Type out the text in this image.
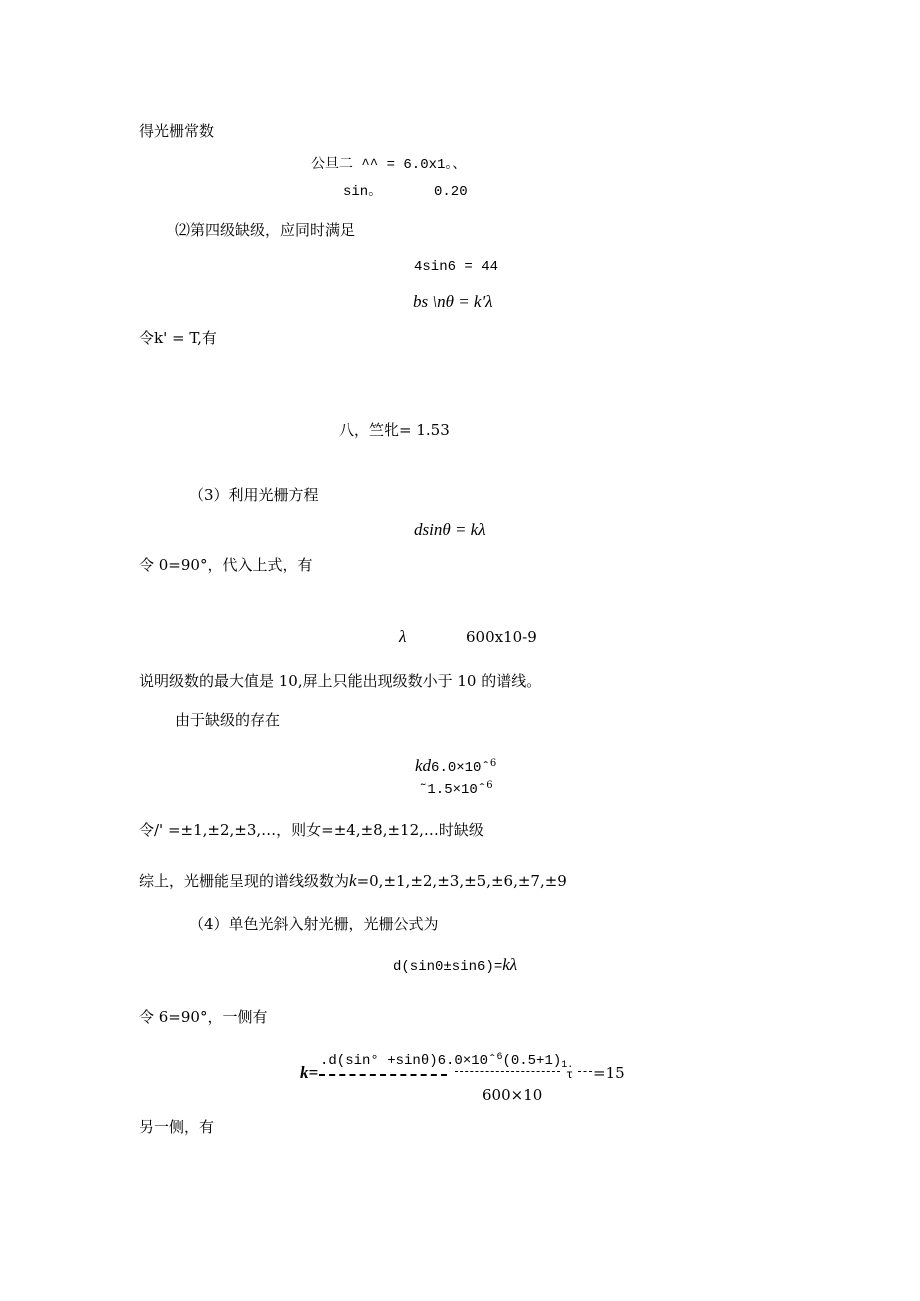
得光栅常数
公旦二 ^^ = 6.0x1。、
sin。	0.20
⑵第四级缺级，应同时满足
4sin6 = 44
bs \nθ = k'λ
令k' = T,有
八，竺牝= 1.53
（3）利用光栅方程
dsinθ = kλ
令 0=90°，代入上式，有
λ	600x10-9
说明级数的最大值是 10,屏上只能出现级数小于 10 的谱线。
由于缺级的存在
kd6.0×10ˆ$^6$
˜1.5×10ˆ$^6$
令/' =±1,±2,±3,…，则女=±4,±8,±12,…时缺级
综上，光栅能呈现的谱线级数为k=0,±1,±2,±3,±5,±6,±7,±9
（4）单色光斜入射光栅，光栅公式为
d(sin0±sin6)=kλ
令 6=90°，一侧有
$.d(\sin^\circ +\sin\theta)6.0\times 10ˆ^6(0.5+1)_{1.}$
k=	τ =15
600×10
另一侧，有
